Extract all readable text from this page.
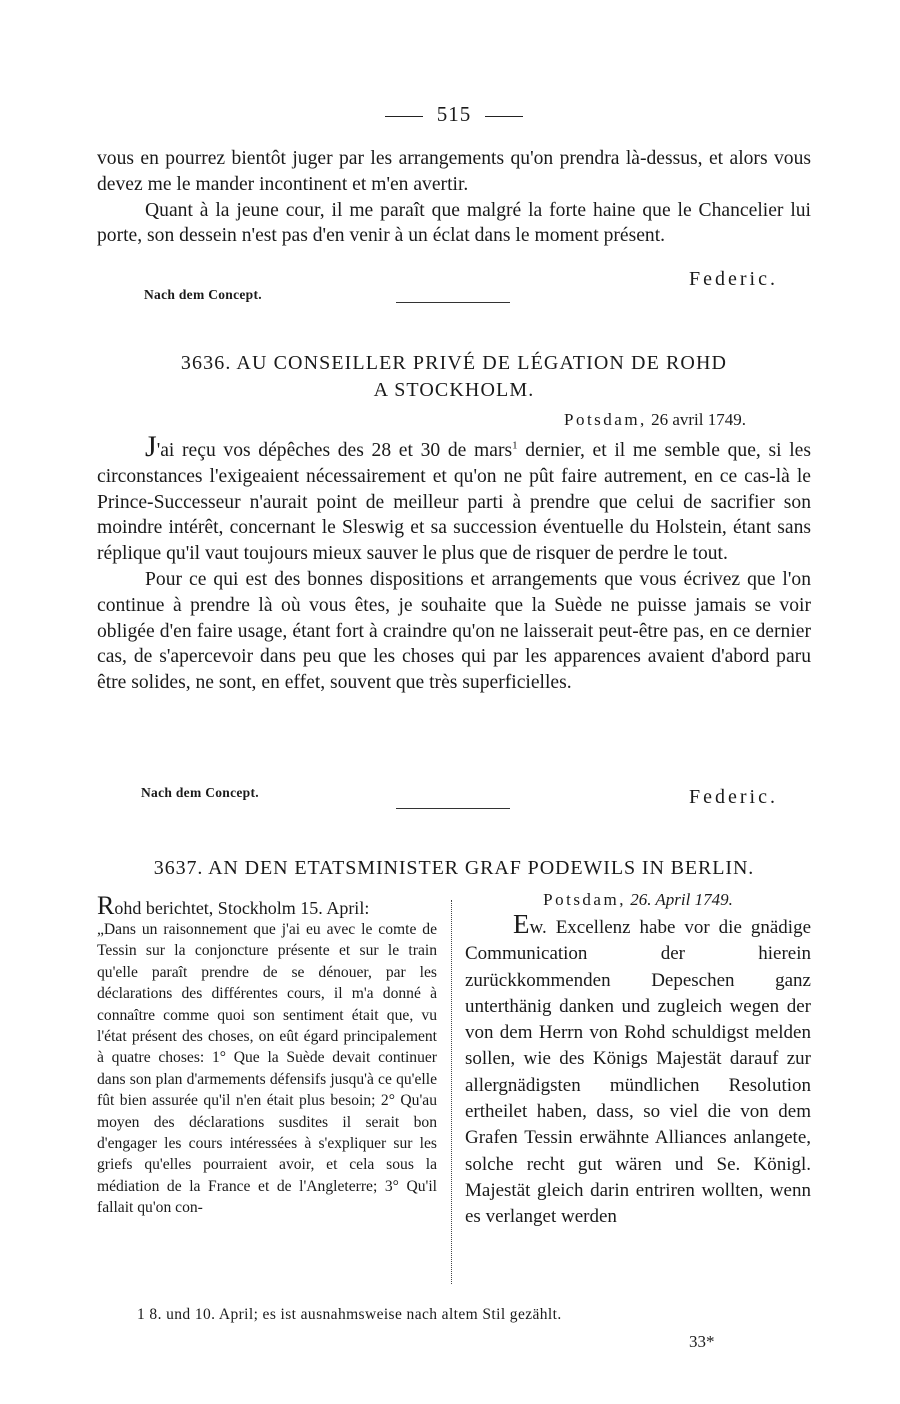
515

vous en pourrez bientôt juger par les arrangements qu'on prendra là-dessus, et alors vous devez me le mander incontinent et m'en avertir.

Quant à la jeune cour, il me paraît que malgré la forte haine que le Chancelier lui porte, son dessein n'est pas d'en venir à un éclat dans le moment présent.

Federic.
Nach dem Concept.
3636. AU CONSEILLER PRIVÉ DE LÉGATION DE ROHD
A STOCKHOLM.
Potsdam, 26 avril 1749.

J'ai reçu vos dépêches des 28 et 30 de mars$^1$ dernier, et il me semble que, si les circonstances l'exigeaient nécessairement et qu'on ne pût faire autrement, en ce cas-là le Prince-Successeur n'aurait point de meilleur parti à prendre que celui de sacrifier son moindre intérêt, concernant le Sleswig et sa succession éventuelle du Holstein, étant sans réplique qu'il vaut toujours mieux sauver le plus que de risquer de perdre le tout.

Pour ce qui est des bonnes dispositions et arrangements que vous écrivez que l'on continue à prendre là où vous êtes, je souhaite que la Suède ne puisse jamais se voir obligée d'en faire usage, étant fort à craindre qu'on ne laisserait peut-être pas, en ce dernier cas, de s'apercevoir dans peu que les choses qui par les apparences avaient d'abord paru être solides, ne sont, en effet, souvent que très superficielles.

Nach dem Concept.	Federic.
3637. AN DEN ETATSMINISTER GRAF PODEWILS IN BERLIN.

Rohd berichtet, Stockholm 15. April:

„Dans un raisonnement que j'ai eu avec le comte de Tessin sur la conjoncture présente et sur le train qu'elle paraît prendre de se dénouer, par les déclarations des différentes cours, il m'a donné à connaître comme quoi son sentiment était que, vu l'état présent des choses, on eût égard principalement à quatre choses: 1° Que la Suède devait continuer dans son plan d'armements défensifs jusqu'à ce qu'elle fût bien assurée qu'il n'en était plus besoin; 2° Qu'au moyen des déclarations susdites il serait bon d'engager les cours intéressées à s'expliquer sur les griefs qu'elles pourraient avoir, et cela sous la médiation de la France et de l'Angleterre; 3° Qu'il fallait qu'on con-

Potsdam, 26. April 1749.

Ew. Excellenz habe vor die gnädige Communication der hierein zurückkommenden Depeschen ganz unterthänig danken und zugleich wegen der von dem Herrn von Rohd schuldigst melden sollen, wie des Königs Majestät darauf zur allergnädigsten mündlichen Resolution ertheilet haben, dass, so viel die von dem Grafen Tessin erwähnte Alliances anlangete, solche recht gut wären und Se. Königl. Majestät gleich darin entriren wollten, wenn es verlanget werden

1 8. und 10. April; es ist ausnahmsweise nach altem Stil gezählt.
33*
